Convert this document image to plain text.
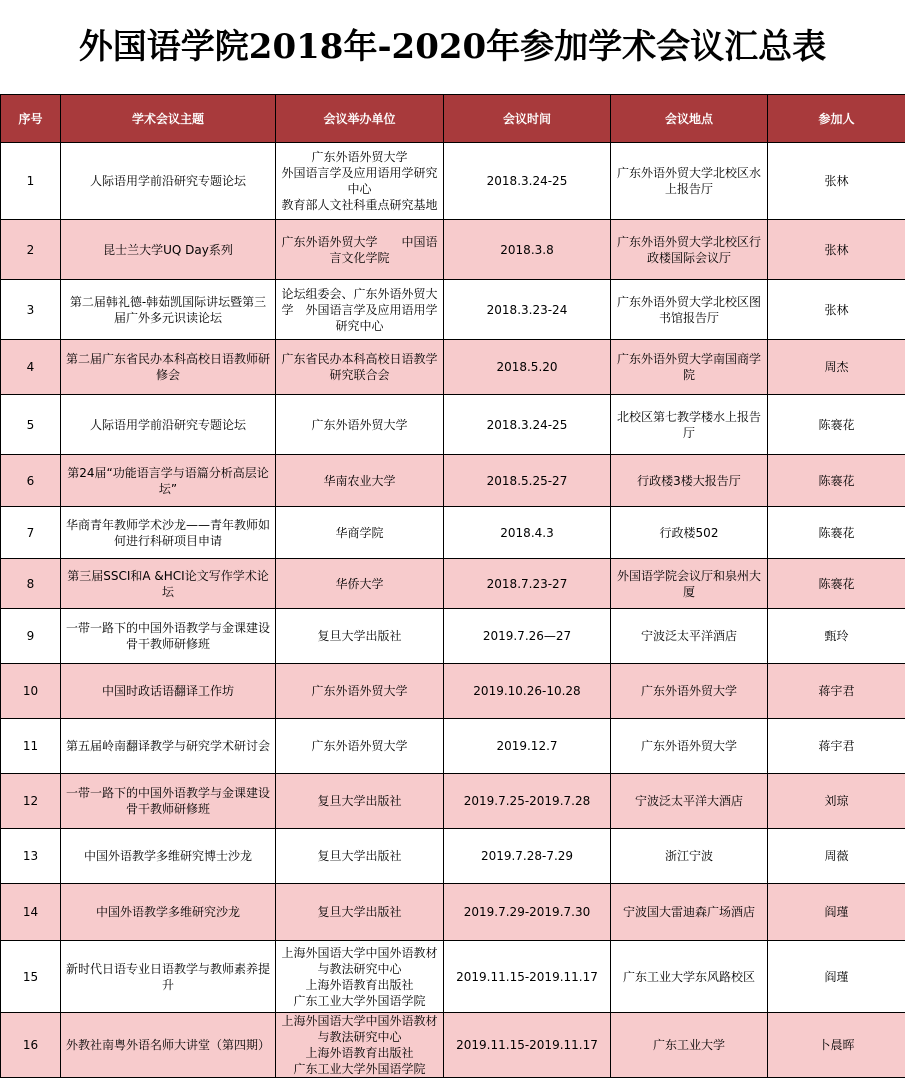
外国语学院2018年-2020年参加学术会议汇总表
序号	学术会议主题	会议举办单位	会议时间	会议地点	参加人
1	人际语用学前沿研究专题论坛	广东外语外贸大学
外国语言学及应用语用学研究中心
教育部人文社科重点研究基地	2018.3.24-25	广东外语外贸大学北校区水上报告厅	张林
2	昆士兰大学UQ Day系列	广东外语外贸大学　　中国语言文化学院	2018.3.8	广东外语外贸大学北校区行政楼国际会议厅	张林
3	第二届韩礼德-韩茹凯国际讲坛暨第三届广外多元识读论坛	论坛组委会、广东外语外贸大学　外国语言学及应用语用学研究中心	2018.3.23-24	广东外语外贸大学北校区图书馆报告厅	张林
4	第二届广东省民办本科高校日语教师研修会	广东省民办本科高校日语教学研究联合会	2018.5.20	广东外语外贸大学南国商学院	周杰
5	人际语用学前沿研究专题论坛	广东外语外贸大学	2018.3.24-25	北校区第七教学楼水上报告厅	陈褰花
6	第24届“功能语言学与语篇分析高层论坛”	华南农业大学	2018.5.25-27	行政楼3楼大报告厅	陈褰花
7	华商青年教师学术沙龙——青年教师如何进行科研项目申请	华商学院	2018.4.3	行政楼502	陈褰花
8	第三届SSCI和A &HCI论文写作学术论坛	华侨大学	2018.7.23-27	外国语学院会议厅和泉州大厦	陈褰花
9	一带一路下的中国外语教学与金课建设骨干教师研修班	复旦大学出版社	2019.7.26—27	宁波泛太平洋酒店	甄玲
10	中国时政话语翻译工作坊	广东外语外贸大学	2019.10.26-10.28	广东外语外贸大学	蒋宇君
11	第五届岭南翻译教学与研究学术研讨会	广东外语外贸大学	2019.12.7	广东外语外贸大学	蒋宇君
12	一带一路下的中国外语教学与金课建设骨干教师研修班	复旦大学出版社	2019.7.25-2019.7.28	宁波泛太平洋大酒店	刘琼
13	中国外语教学多维研究博士沙龙	复旦大学出版社	2019.7.28-7.29	浙江宁波	周薇
14	中国外语教学多维研究沙龙	复旦大学出版社	2019.7.29-2019.7.30	宁波国大雷迪森广场酒店	阎瑾
15	新时代日语专业日语教学与教师素养提升	上海外国语大学中国外语教材与教法研究中心
上海外语教育出版社
广东工业大学外国语学院	2019.11.15-2019.11.17	广东工业大学东风路校区	阎瑾
16	外教社南粤外语名师大讲堂（第四期）	上海外国语大学中国外语教材与教法研究中心
上海外语教育出版社
广东工业大学外国语学院	2019.11.15-2019.11.17	广东工业大学	卜晨晖
